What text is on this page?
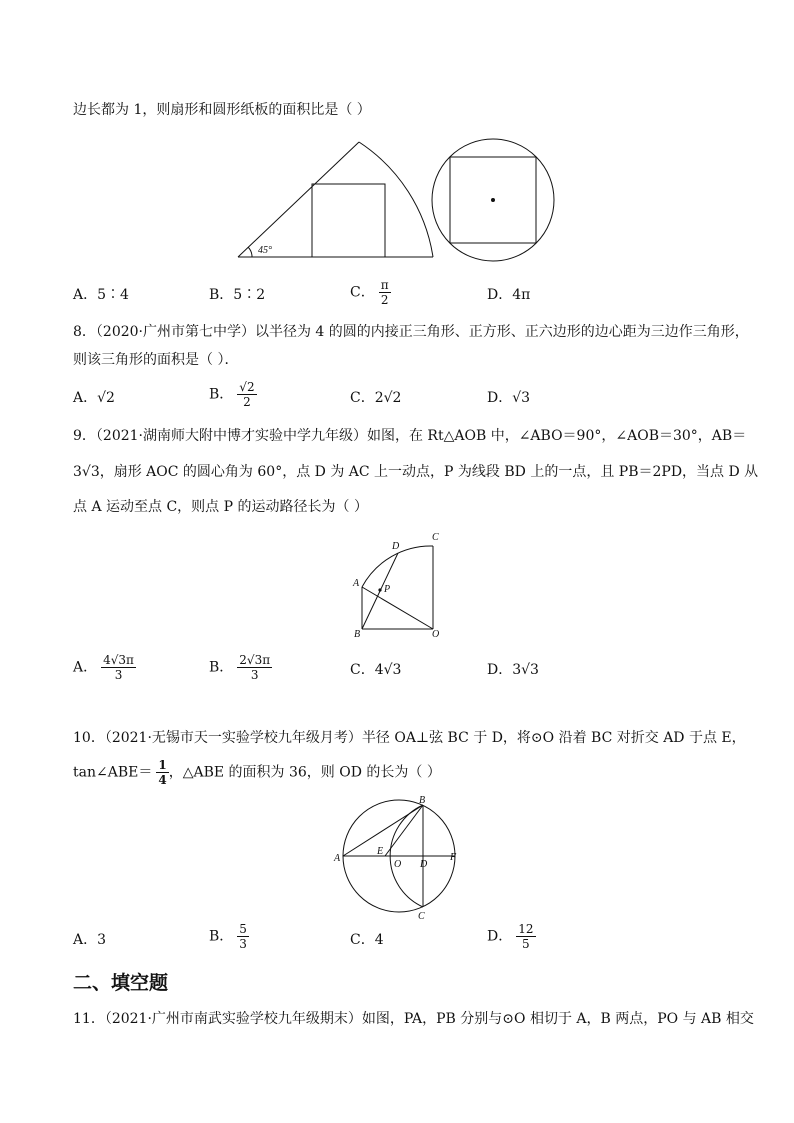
边长都为 1，则扇形和圆形纸板的面积比是（ ）
45°
A．5∶4	B．5∶2	C． $\frac{\pi}{2}$	D．4π
8．（2020·广州市第七中学）以半径为 4 的圆的内接正三角形、正方形、正六边形的边心距为三边作三角形，
则该三角形的面积是（ ）．
A．√2	B． $\frac{√2}{2}$	C．2√2	D．√3
9．（2021·湖南师大附中博才实验中学九年级）如图，在 Rt△AOB 中，∠ABO＝90°，∠AOB＝30°，AB＝
3√3，扇形 AOC 的圆心角为 60°，点 D 为 AC 上一动点，P 为线段 BD 上的一点，且 PB＝2PD，当点 D 从
点 A 运动至点 C，则点 P 的运动路径长为（ ）
D
C
A
P
B	O
A． $\frac{4√3\pi}{3}$	B． $\frac{2√3\pi}{3}$	C．4√3	D．3√3
10．（2021·无锡市天一实验学校九年级月考）半径 OA⊥弦 BC 于 D，将⊙O 沿着 BC 对折交 AD 于点 E，
tan∠ABE＝ $\frac{1}{4}$ ，△ABE 的面积为 36，则 OD 的长为（ ）
A
B
E
O D
F
C
A．3	B． $\frac{5}{3}$	C．4	D． $\frac{12}{5}$
二、填空题
11．（2021·广州市南武实验学校九年级期末）如图，PA，PB 分别与⊙O 相切于 A，B 两点，PO 与 AB 相交
